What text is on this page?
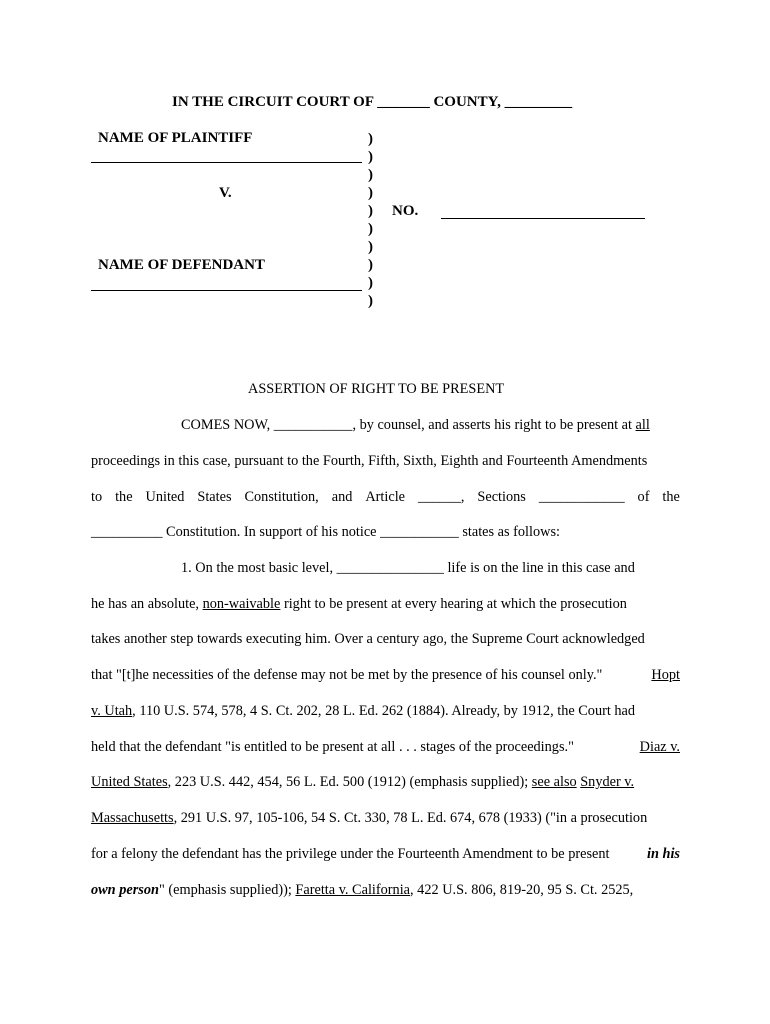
IN THE CIRCUIT COURT OF _______ COUNTY, _________
NAME OF PLAINTIFF
V.
NO.
NAME OF DEFENDANT
)
)
)
)
)
)
)
)
)
)
ASSERTION OF RIGHT TO BE PRESENT
COMES NOW, ___________, by counsel, and asserts his right to be present at all
proceedings in this case, pursuant to the Fourth, Fifth, Sixth, Eighth and Fourteenth Amendments
to the United States Constitution, and Article ______, Sections ____________ of the
__________ Constitution. In support of his notice ___________ states as follows:
1. On the most basic level, _______________ life is on the line in this case and
he has an absolute, non-waivable right to be present at every hearing at which the prosecution
takes another step towards executing him. Over a century ago, the Supreme Court acknowledged
that "[t]he necessities of the defense may not be met by the presence of his counsel only."	Hopt
v. Utah, 110 U.S. 574, 578, 4 S. Ct. 202, 28 L. Ed. 262 (1884). Already, by 1912, the Court had
held that the defendant "is entitled to be present at all . . . stages of the proceedings."	Diaz v.
United States, 223 U.S. 442, 454, 56 L. Ed. 500 (1912) (emphasis supplied); see also Snyder v.
Massachusetts, 291 U.S. 97, 105-106, 54 S. Ct. 330, 78 L. Ed. 674, 678 (1933) ("in a prosecution
for a felony the defendant has the privilege under the Fourteenth Amendment to be present	in his
own person" (emphasis supplied)); Faretta v. California, 422 U.S. 806, 819-20, 95 S. Ct. 2525,
